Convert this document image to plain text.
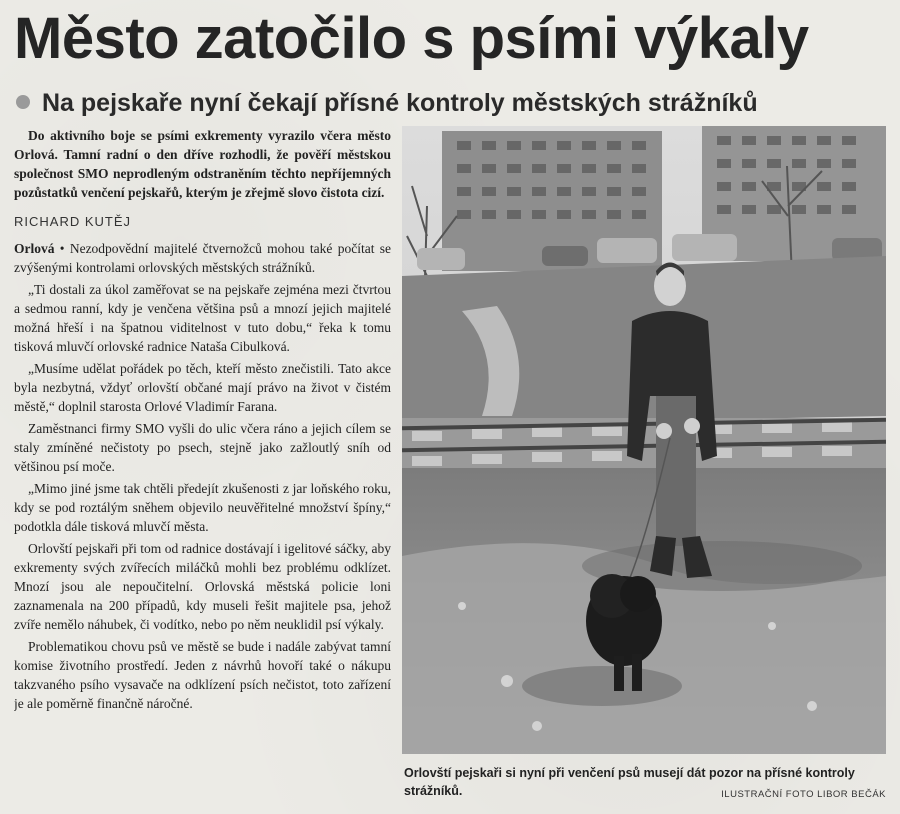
Město zatočilo s psími výkaly
Na pejskaře nyní čekají přísné kontroly městských strážníků

Do aktivního boje se psími exkrementy vyrazilo včera město Orlová. Tamní radní o den dříve rozhodli, že pověří městskou společnost SMO neprodleným odstraněním těchto nepříjemných pozůstatků venčení pejskařů, kterým je zřejmě slovo čistota cizí.

RICHARD KUTĚJ

Orlová • Nezodpovědní majitelé čtvernožců mohou také počítat se zvýšenými kontrolami orlovských městských strážníků.

„Ti dostali za úkol zaměřovat se na pejskaře zejména mezi čtvrtou a sedmou ranní, kdy je venčena většina psů a mnozí jejich majitelé možná hřeší i na špatnou viditelnost v tuto dobu,“ řeka k tomu tisková mluvčí orlovské radnice Nataša Cibulková.

„Musíme udělat pořádek po těch, kteří město znečistili. Tato akce byla nezbytná, vždyť orlovští občané mají právo na život v čistém městě,“ doplnil starosta Orlové Vladimír Farana.

Zaměstnanci firmy SMO vyšli do ulic včera ráno a jejich cílem se staly zmíněné nečistoty po psech, stejně jako zažloutlý sníh od většinou psí moče.

„Mimo jiné jsme tak chtěli předejít zkušenosti z jar loňského roku, kdy se pod roztálým sněhem objevilo neuvěřitelné množství špíny,“ podotkla dále tisková mluvčí města.

Orlovští pejskaři při tom od radnice dostávají i igelitové sáčky, aby exkrementy svých zvířecích miláčků mohli bez problému odklízet. Mnozí jsou ale nepoučitelní. Orlovská městská policie loni zaznamenala na 200 případů, kdy museli řešit majitele psa, jehož zvíře nemělo náhubek, či vodítko, nebo po něm neuklidil psí výkaly.

Problematikou chovu psů ve městě se bude i nadále zabývat tamní komise životního prostředí. Jeden z návrhů hovoří také o nákupu takzvaného psího vysavače na odklízení psích nečistot, toto zařízení je ale poměrně finančně náročné.

Orlovští pejskaři si nyní při venčení psů musejí dát pozor na přísné kontroly strážníků.	ILUSTRAČNÍ FOTO LIBOR BEČÁK
